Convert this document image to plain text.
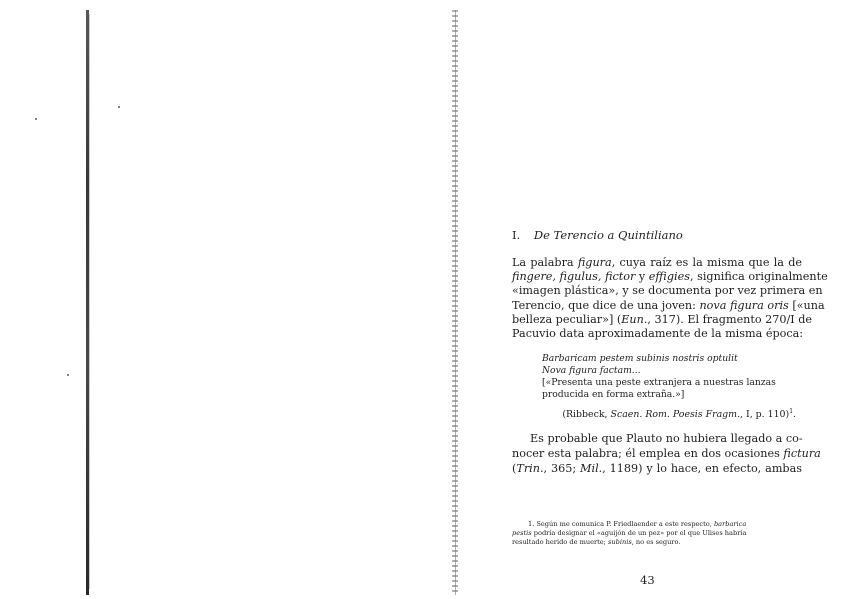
I. De Terencio a Quintiliano

La palabra figura, cuya raíz es la misma que la de
fingere, figulus, fictor y effigies, significa originalmente
«imagen plástica», y se documenta por vez primera en
Terencio, que dice de una joven: nova figura oris [«una
belleza peculiar»] (Eun., 317). El fragmento 270/I de
Pacuvio data aproximadamente de la misma época:

Barbaricam pestem subinis nostris optulit
Nova figura factam...
[«Presenta una peste extranjera a nuestras lanzas
producida en forma extraña.»]
(Ribbeck, Scaen. Rom. Poesis Fragm., I, p. 110)$^1$.

Es probable que Plauto no hubiera llegado a co-
nocer esta palabra; él emplea en dos ocasiones fictura
(Trin., 365; Mil., 1189) y lo hace, en efecto, ambas

1. Según me comunica P. Friedlaender a este respecto, barbarica
pestis podría designar el «aguijón de un pez» por el que Ulises habría
resultado herido de muerte; subinis, no es seguro.
43
